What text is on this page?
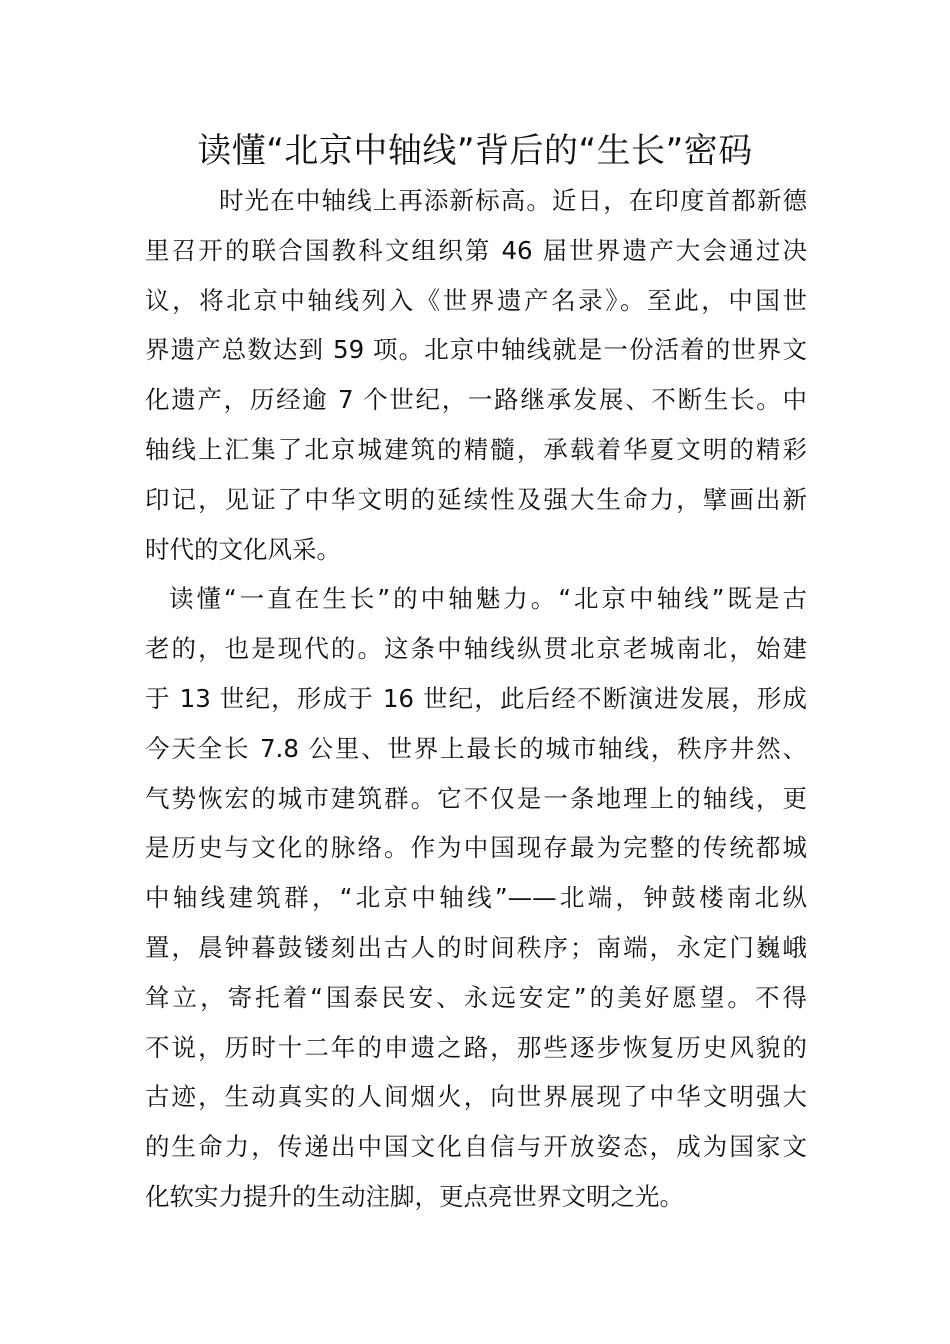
读懂“北京中轴线”背后的“生长”密码
时光在中轴线上再添新标高。近日，在印度首都新德
里召开的联合国教科文组织第 46 届世界遗产大会通过决
议，将北京中轴线列入《世界遗产名录》。至此，中国世
界遗产总数达到 59 项。北京中轴线就是一份活着的世界文
化遗产，历经逾 7 个世纪，一路继承发展、不断生长。中
轴线上汇集了北京城建筑的精髓，承载着华夏文明的精彩
印记，见证了中华文明的延续性及强大生命力，擘画出新
时代的文化风采。
读懂“一直在生长”的中轴魅力。“北京中轴线”既是古
老的，也是现代的。这条中轴线纵贯北京老城南北，始建
于 13 世纪，形成于 16 世纪，此后经不断演进发展，形成
今天全长 7.8 公里、世界上最长的城市轴线，秩序井然、
气势恢宏的城市建筑群。它不仅是一条地理上的轴线，更
是历史与文化的脉络。作为中国现存最为完整的传统都城
中轴线建筑群，“北京中轴线”——北端，钟鼓楼南北纵
置，晨钟暮鼓镂刻出古人的时间秩序；南端，永定门巍峨
耸立，寄托着“国泰民安、永远安定”的美好愿望。不得
不说，历时十二年的申遗之路，那些逐步恢复历史风貌的
古迹，生动真实的人间烟火，向世界展现了中华文明强大
的生命力，传递出中国文化自信与开放姿态，成为国家文
化软实力提升的生动注脚，更点亮世界文明之光。
